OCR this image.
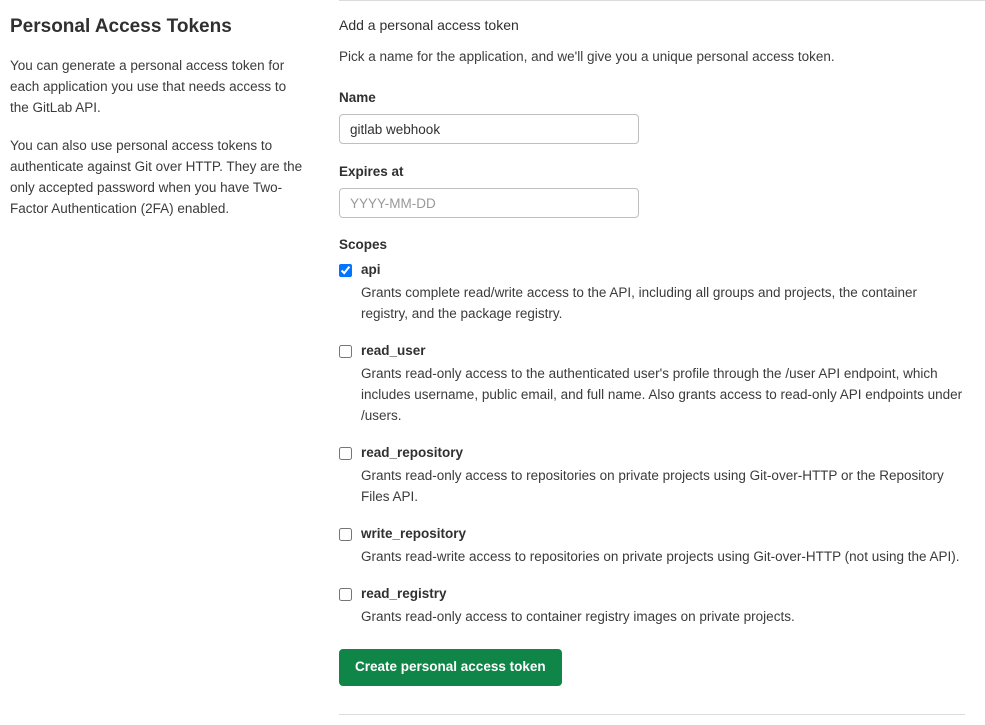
Personal Access Tokens

You can generate a personal access token for each application you use that needs access to the GitLab API.

You can also use personal access tokens to authenticate against Git over HTTP. They are the only accepted password when you have Two-Factor Authentication (2FA) enabled.

Add a personal access token
Pick a name for the application, and we'll give you a unique personal access token.
Name
gitlab webhook
Expires at
YYYY-MM-DD
Scopes
api
Grants complete read/write access to the API, including all groups and projects, the container registry, and the package registry.
read_user
Grants read-only access to the authenticated user's profile through the /user API endpoint, which includes username, public email, and full name. Also grants access to read-only API endpoints under /users.
read_repository
Grants read-only access to repositories on private projects using Git-over-HTTP or the Repository Files API.
write_repository
Grants read-write access to repositories on private projects using Git-over-HTTP (not using the API).
read_registry
Grants read-only access to container registry images on private projects.
Create personal access token
